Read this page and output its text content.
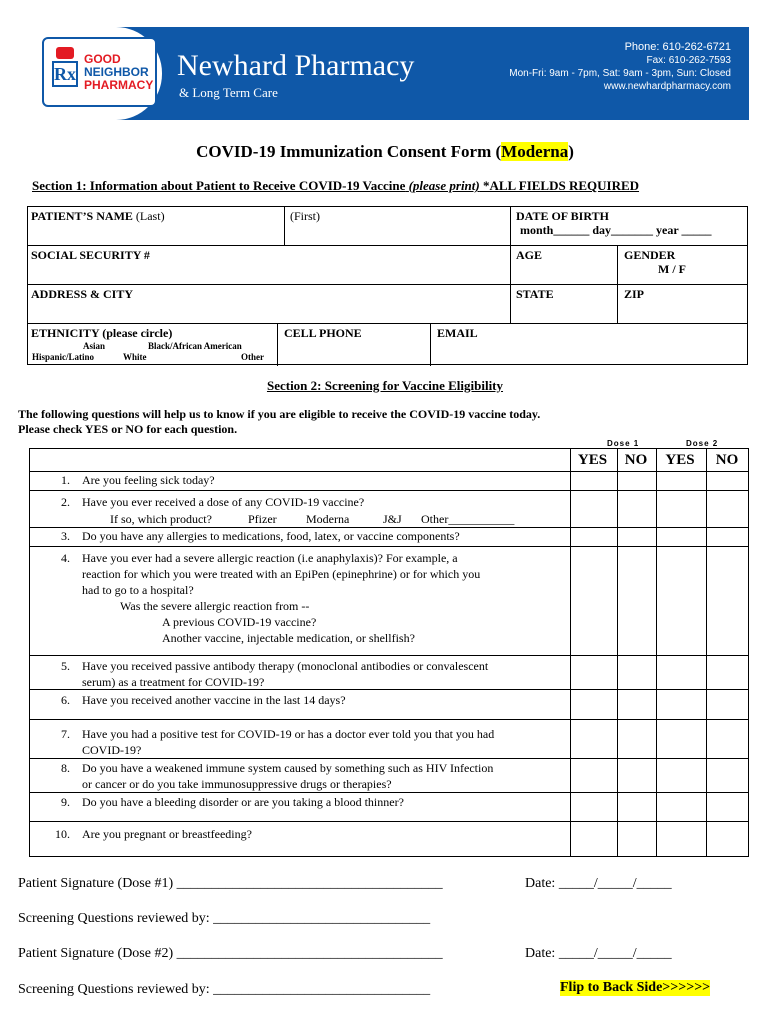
Rx
GOOD
NEIGHBOR
PHARMACY
Newhard Pharmacy
& Long Term Care
Phone: 610-262-6721
Fax: 610-262-7593
Mon-Fri: 9am - 7pm, Sat: 9am - 3pm, Sun: Closed
www.newhardpharmacy.com
COVID-19 Immunization Consent Form (Moderna)
Section 1: Information about Patient to Receive COVID-19 Vaccine (please print) *ALL FIELDS REQUIRED
PATIENT’S NAME (Last)	(First)	DATE OF BIRTH
month______ day_______ year _____
SOCIAL SECURITY #	AGE	GENDER
M / F
ADDRESS & CITY	STATE	ZIP
ETHNICITY (please circle)
Asian	Black/African American
Hispanic/Latino	White	Other
CELL PHONE	EMAIL
Section 2: Screening for Vaccine Eligibility
The following questions will help us to know if you are eligible to receive the COVID-19 vaccine today.
Please check YES or NO for each question.
Dose 1	Dose 2
YES	NO	YES	NO
1. Are you feeling sick today?
2. Have you ever received a dose of any COVID-19 vaccine?
If so, which product?	Pfizer Moderna	J&J Other___________
3. Do you have any allergies to medications, food, latex, or vaccine components?
4. Have you ever had a severe allergic reaction (i.e anaphylaxis)? For example, a
reaction for which you were treated with an EpiPen (epinephrine) or for which you
had to go to a hospital?
Was the severe allergic reaction from --
A previous COVID-19 vaccine?
Another vaccine, injectable medication, or shellfish?
5. Have you received passive antibody therapy (monoclonal antibodies or convalescent
serum) as a treatment for COVID-19?
6. Have you received another vaccine in the last 14 days?
7. Have you had a positive test for COVID-19 or has a doctor ever told you that you had
COVID-19?
8. Do you have a weakened immune system caused by something such as HIV Infection
or cancer or do you take immunosuppressive drugs or therapies?
9. Do you have a bleeding disorder or are you taking a blood thinner?
10. Are you pregnant or breastfeeding?
Patient Signature (Dose #1) ______________________________________	Date: _____/_____/_____
Screening Questions reviewed by: _______________________________
Patient Signature (Dose #2) ______________________________________	Date: _____/_____/_____
Screening Questions reviewed by: _______________________________	Flip to Back Side>>>>>>
